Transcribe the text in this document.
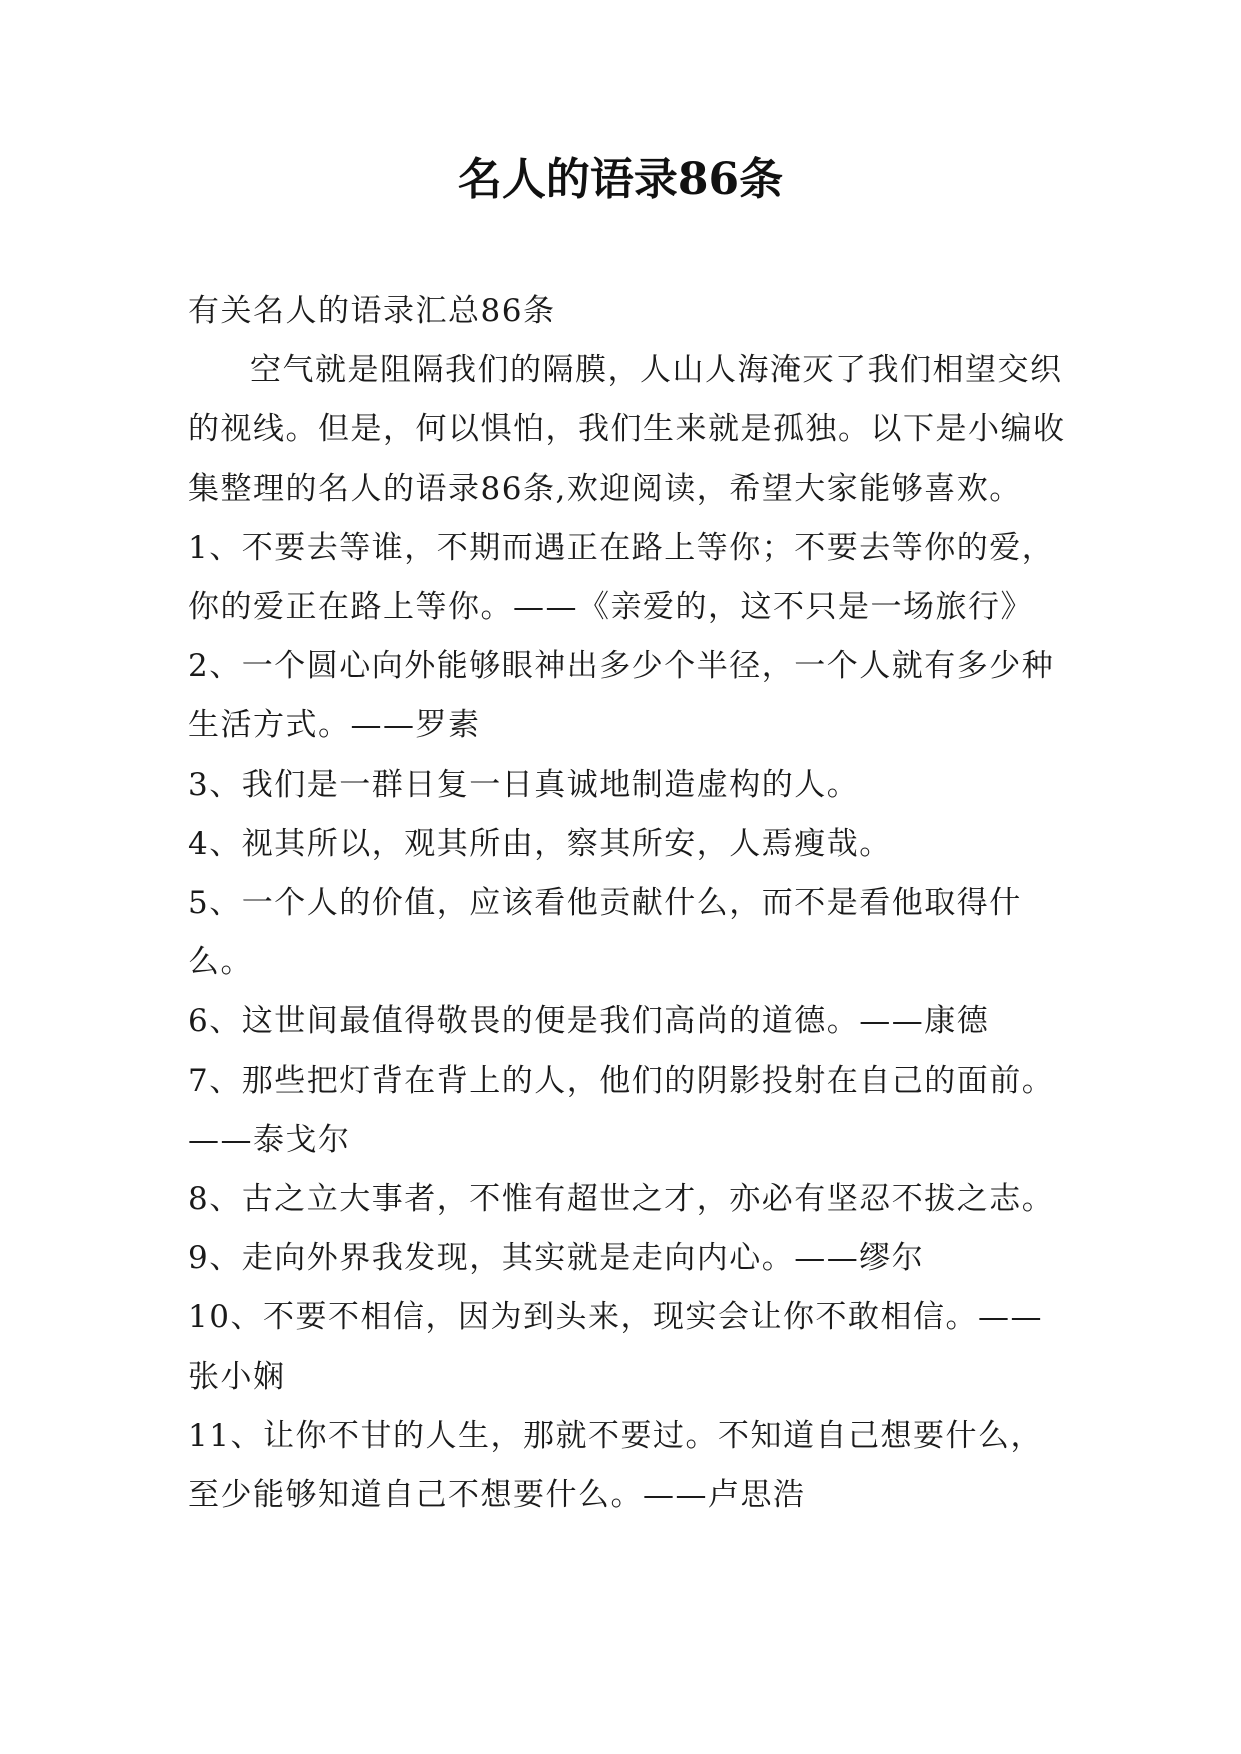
名人的语录86条

有关名人的语录汇总86条

空气就是阻隔我们的隔膜，人山人海淹灭了我们相望交织的视线。但是，何以惧怕，我们生来就是孤独。以下是小编收集整理的名人的语录86条,欢迎阅读，希望大家能够喜欢。

1、不要去等谁，不期而遇正在路上等你；不要去等你的爱，你的爱正在路上等你。——《亲爱的，这不只是一场旅行》

2、一个圆心向外能够眼神出多少个半径，一个人就有多少种生活方式。——罗素

3、我们是一群日复一日真诚地制造虚构的人。

4、视其所以，观其所由，察其所安，人焉瘦哉。

5、一个人的价值，应该看他贡献什么，而不是看他取得什么。

6、这世间最值得敬畏的便是我们高尚的道德。——康德

7、那些把灯背在背上的人，他们的阴影投射在自己的面前。——泰戈尔

8、古之立大事者，不惟有超世之才，亦必有坚忍不拔之志。

9、走向外界我发现，其实就是走向内心。——缪尔

10、不要不相信，因为到头来，现实会让你不敢相信。——张小娴

11、让你不甘的人生，那就不要过。不知道自己想要什么，至少能够知道自己不想要什么。——卢思浩
